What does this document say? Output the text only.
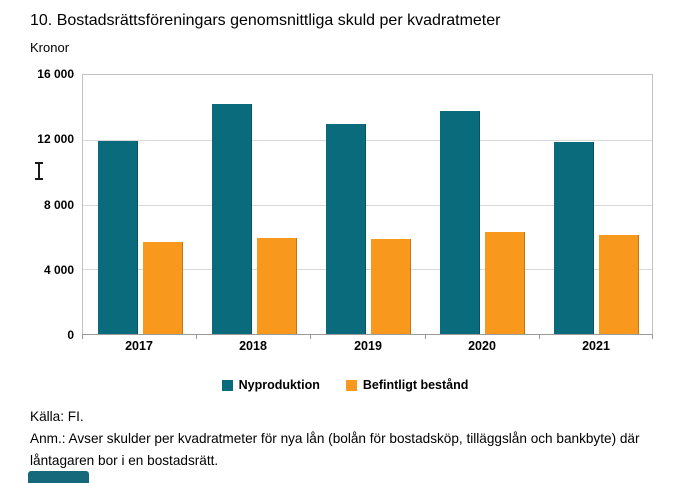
10. Bostadsrättsföreningars genomsnittliga skuld per kvadratmeter
Kronor
0
4 000
8 000
12 000
16 000
2017	2018	2019	2020	2021
Nyproduktion	Befintligt bestånd

Källa: FI.

Anm.: Avser skulder per kvadratmeter för nya lån (bolån för bostadsköp, tilläggslån och bankbyte) där låntagaren bor i en bostadsrätt.
